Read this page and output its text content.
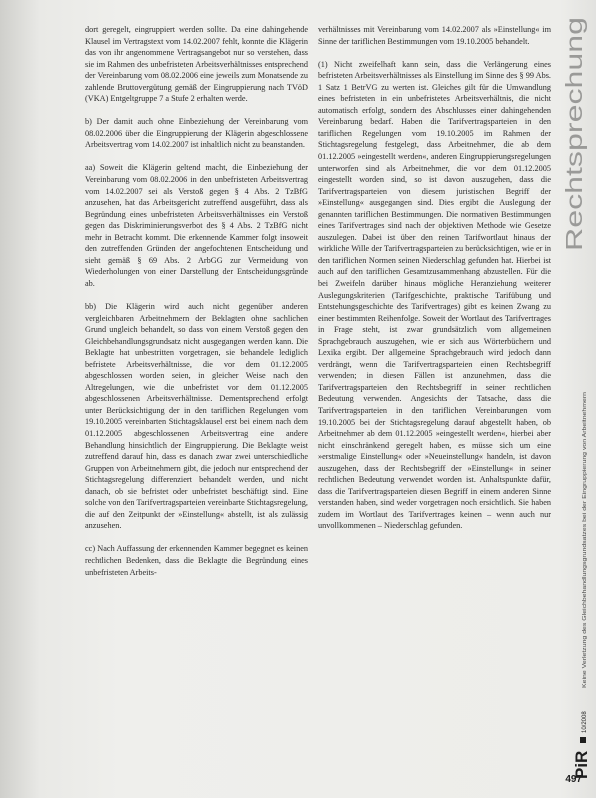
dort geregelt, eingruppiert werden sollte. Da eine dahingehende Klausel im Vertragstext vom 14.02.2007 fehlt, konnte die Klägerin das von ihr angenommene Vertragsangebot nur so verstehen, dass sie im Rahmen des unbefristeten Arbeitsverhältnisses entsprechend der Vereinbarung vom 08.02.2006 eine jeweils zum Monatsende zu zahlende Bruttovergütung gemäß der Eingruppierung nach TVöD (VKA) Entgeltgruppe 7 a Stufe 2 erhalten werde.

b) Der damit auch ohne Einbeziehung der Vereinbarung vom 08.02.2006 über die Eingruppierung der Klägerin abgeschlossene Arbeitsvertrag vom 14.02.2007 ist inhaltlich nicht zu beanstanden.

aa) Soweit die Klägerin geltend macht, die Einbeziehung der Vereinbarung vom 08.02.2006 in den unbefristeten Arbeitsvertrag vom 14.02.2007 sei als Verstoß gegen § 4 Abs. 2 TzBfG anzusehen, hat das Arbeitsgericht zutreffend ausgeführt, dass als Begründung eines unbefristeten Arbeitsverhältnisses ein Verstoß gegen das Diskriminierungsverbot des § 4 Abs. 2 TzBfG nicht mehr in Betracht kommt. Die erkennende Kammer folgt insoweit den zutreffenden Gründen der angefochtenen Entscheidung und sieht gemäß § 69 Abs. 2 ArbGG zur Vermeidung von Wiederholungen von einer Darstellung der Entscheidungsgründe ab.

bb) Die Klägerin wird auch nicht gegenüber anderen vergleichbaren Arbeitnehmern der Beklagten ohne sachlichen Grund ungleich behandelt, so dass von einem Verstoß gegen den Gleichbehandlungsgrundsatz nicht ausgegangen werden kann. Die Beklagte hat unbestritten vorgetragen, sie behandele lediglich befristete Arbeitsverhältnisse, die vor dem 01.12.2005 abgeschlossen worden seien, in gleicher Weise nach den Altregelungen, wie die unbefristet vor dem 01.12.2005 abgeschlossenen Arbeitsverhältnisse. Dementsprechend erfolgt unter Berücksichtigung der in den tariflichen Regelungen vom 19.10.2005 vereinbarten Stichtagsklausel erst bei einem nach dem 01.12.2005 abgeschlossenen Arbeitsvertrag eine andere Behandlung hinsichtlich der Eingruppierung. Die Beklagte weist zutreffend darauf hin, dass es danach zwar zwei unterschiedliche Gruppen von Arbeitnehmern gibt, die jedoch nur entsprechend der Stichtagsregelung differenziert behandelt werden, und nicht danach, ob sie befristet oder unbefristet beschäftigt sind. Eine solche von den Tarifvertragsparteien vereinbarte Stichtagsregelung, die auf den Zeitpunkt der »Einstellung« abstellt, ist als zulässig anzusehen.

cc) Nach Auffassung der erkennenden Kammer begegnet es keinen rechtlichen Bedenken, dass die Beklagte die Begründung eines unbefristeten Arbeits-

verhältnisses mit Vereinbarung vom 14.02.2007 als »Einstellung« im Sinne der tariflichen Bestimmungen vom 19.10.2005 behandelt.

(1) Nicht zweifelhaft kann sein, dass die Verlängerung eines befristeten Arbeitsverhältnisses als Einstellung im Sinne des § 99 Abs. 1 Satz 1 BetrVG zu werten ist. Gleiches gilt für die Umwandlung eines befristeten in ein unbefristetes Arbeitsverhältnis, die nicht automatisch erfolgt, sondern des Abschlusses einer dahingehenden Vereinbarung bedarf. Haben die Tarifvertragsparteien in den tariflichen Regelungen vom 19.10.2005 im Rahmen der Stichtagsregelung festgelegt, dass Arbeitnehmer, die ab dem 01.12.2005 »eingestellt werden«, anderen Eingruppierungsregelungen unterworfen sind als Arbeitnehmer, die vor dem 01.12.2005 eingestellt worden sind, so ist davon auszugehen, dass die Tarifvertragsparteien von diesem juristischen Begriff der »Einstellung« ausgegangen sind. Dies ergibt die Auslegung der genannten tariflichen Bestimmungen. Die normativen Bestimmungen eines Tarifvertrages sind nach der objektiven Methode wie Gesetze auszulegen. Dabei ist über den reinen Tarifwortlaut hinaus der wirkliche Wille der Tarifvertragsparteien zu berücksichtigen, wie er in den tariflichen Normen seinen Niederschlag gefunden hat. Hierbei ist auch auf den tariflichen Gesamtzusammenhang abzustellen. Für die bei Zweifeln darüber hinaus mögliche Heranziehung weiterer Auslegungskriterien (Tarifgeschichte, praktische Tarifübung und Entstehungsgeschichte des Tarifvertrages) gibt es keinen Zwang zu einer bestimmten Reihenfolge. Soweit der Wortlaut des Tarifvertrages in Frage steht, ist zwar grundsätzlich vom allgemeinen Sprachgebrauch auszugehen, wie er sich aus Wörterbüchern und Lexika ergibt. Der allgemeine Sprachgebrauch wird jedoch dann verdrängt, wenn die Tarifvertragsparteien einen Rechtsbegriff verwenden; in diesen Fällen ist anzunehmen, dass die Tarifvertragsparteien den Rechtsbegriff in seiner rechtlichen Bedeutung verwenden. Angesichts der Tatsache, dass die Tarifvertragsparteien in den tariflichen Vereinbarungen vom 19.10.2005 bei der Stichtagsregelung darauf abgestellt haben, ob Arbeitnehmer ab dem 01.12.2005 »eingestellt werden«, hierbei aber nicht einschränkend geregelt haben, es müsse sich um eine »erstmalige Einstellung« oder »Neueinstellung« handeln, ist davon auszugehen, dass der Rechtsbegriff der »Einstellung« in seiner rechtlichen Bedeutung verwendet worden ist. Anhaltspunkte dafür, dass die Tarifvertragsparteien diesen Begriff in einem anderen Sinne verstanden haben, sind weder vorgetragen noch ersichtlich. Sie haben zudem im Wortlaut des Tarifvertrages keinen – wenn auch nur unvollkommenen – Niederschlag gefunden.

Rechtsprechung
Keine Verletzung des Gleichbehandlungsgrundsatzes bei der Eingruppierung von Arbeitnehmern
PiR
10/2008
497
